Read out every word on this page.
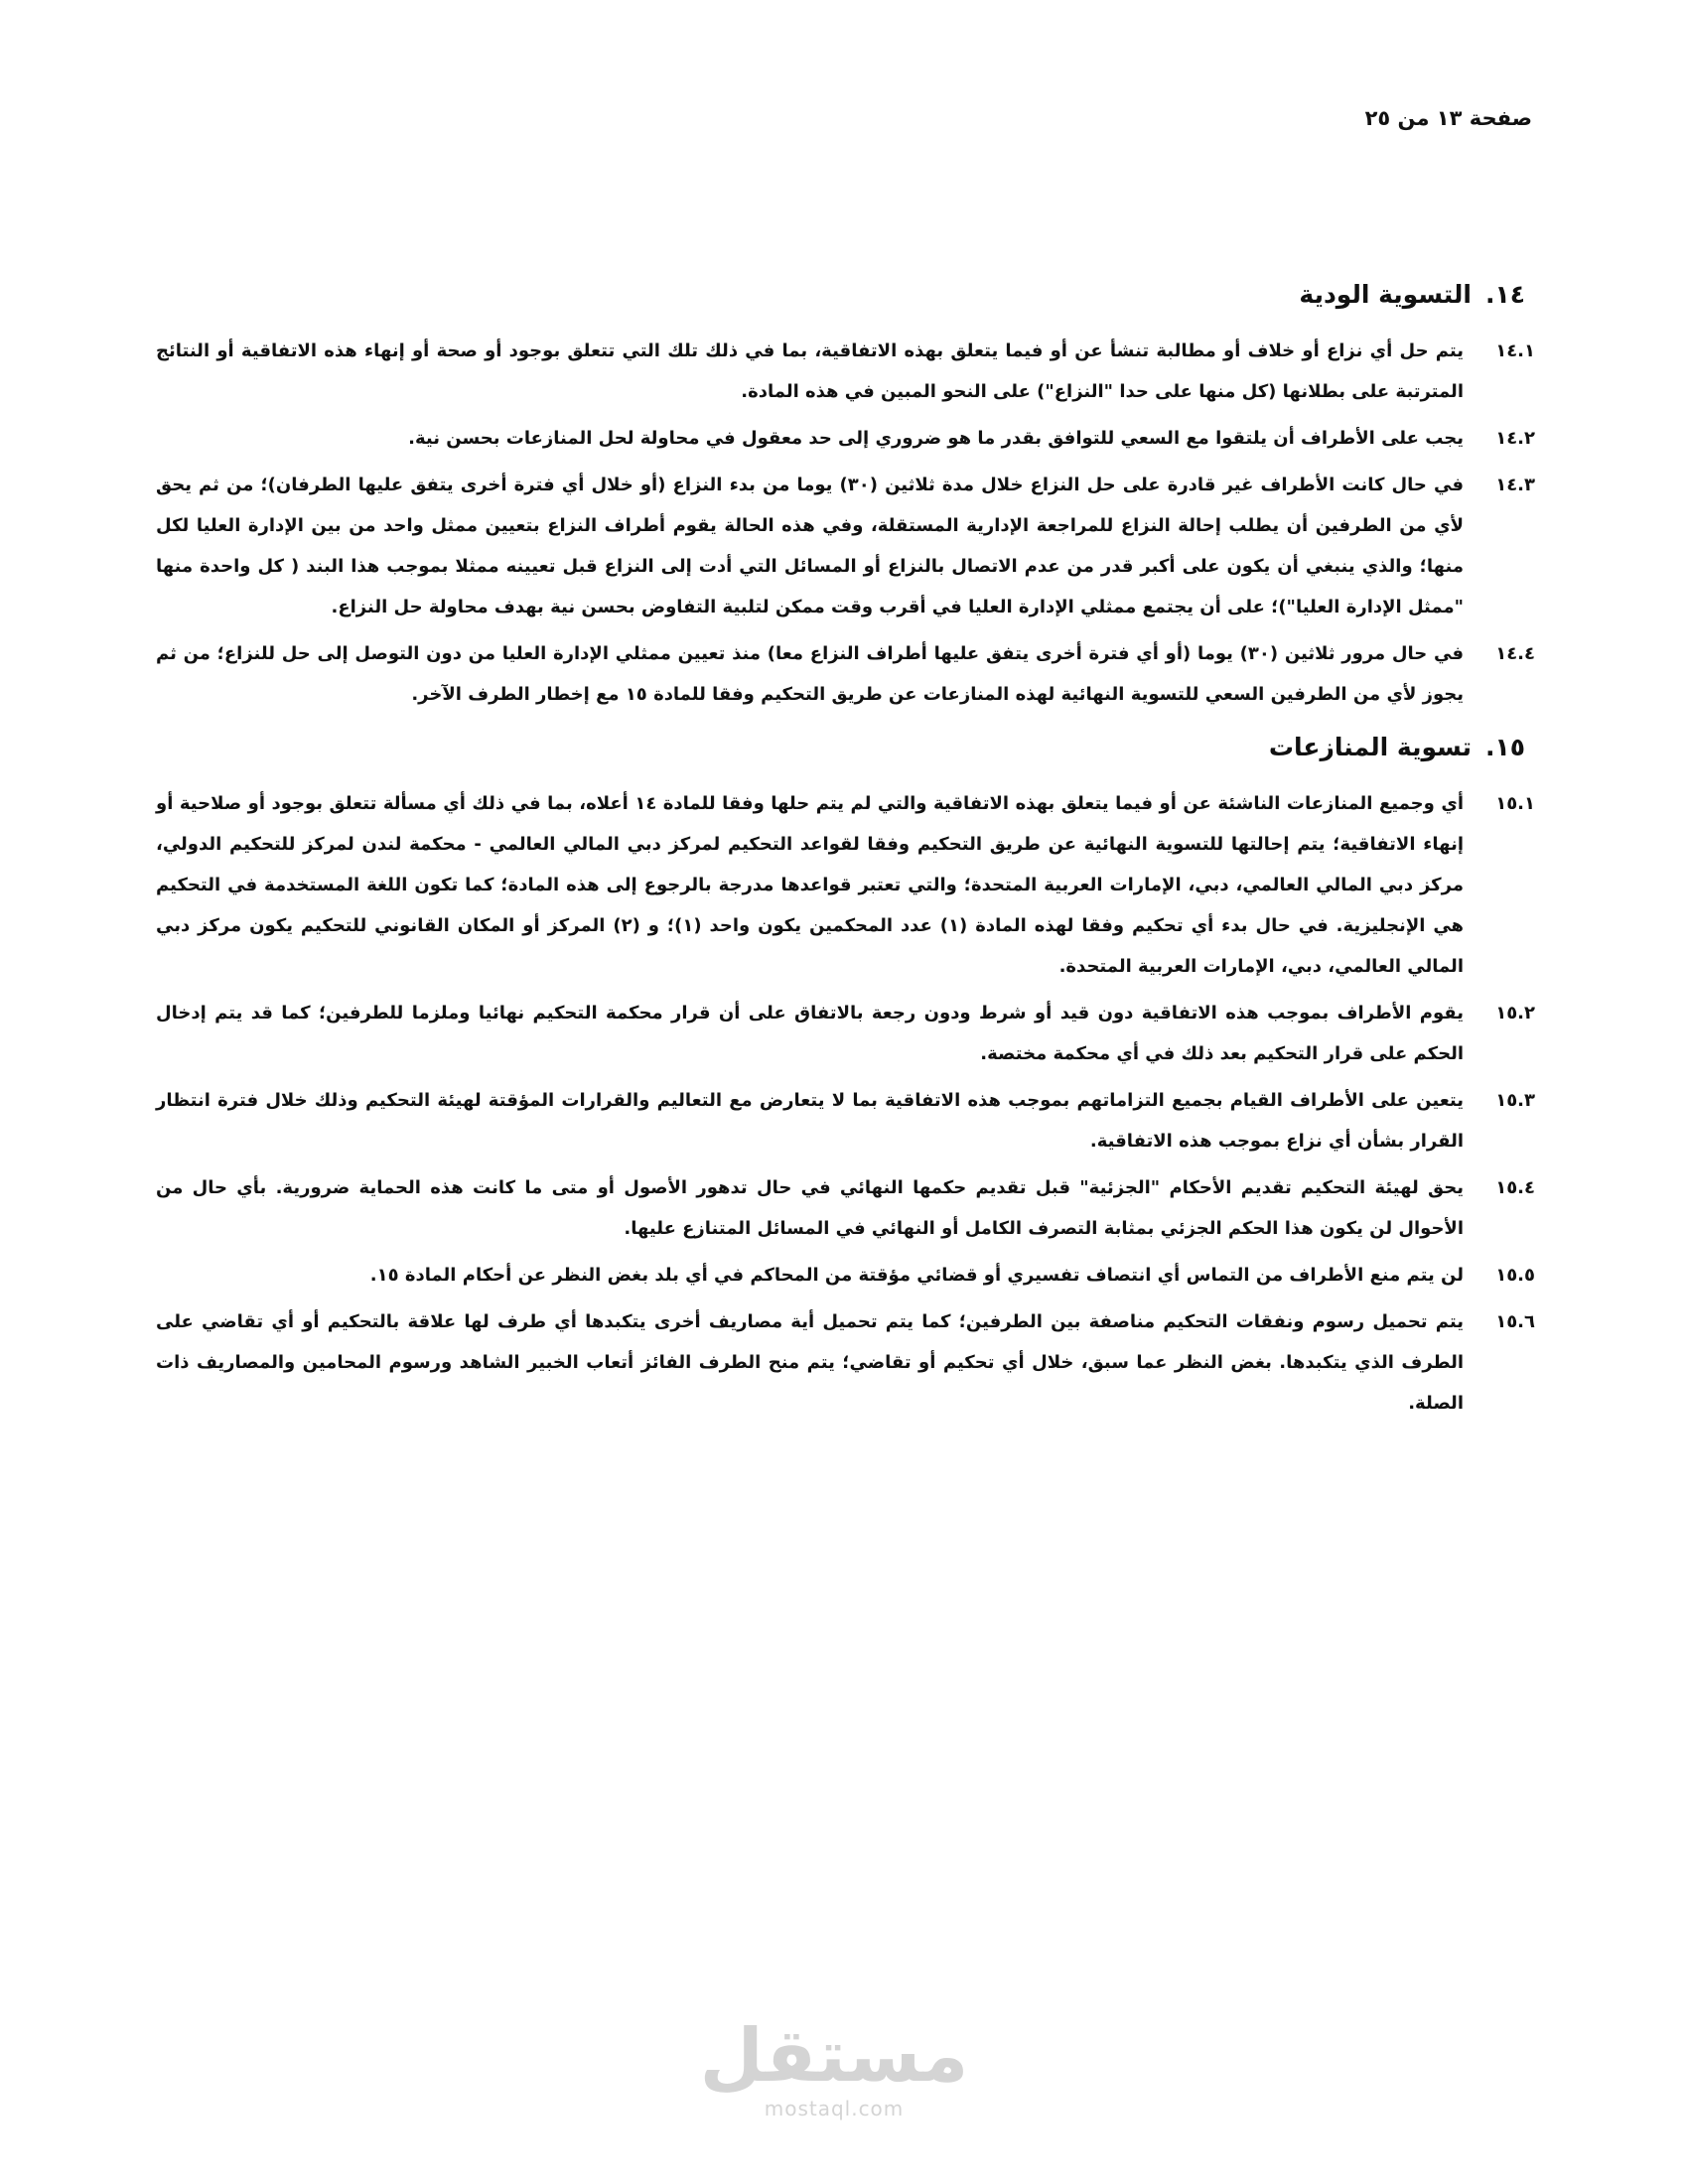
صفحة ١٣ من ٢٥
١٤.
التسوية الودية
١٤.١
يتم حل أي نزاع أو خلاف أو مطالبة تنشأ عن أو فيما يتعلق بهذه الاتفاقية، بما في ذلك تلك التي تتعلق بوجود أو صحة أو إنهاء هذه الاتفاقية أو النتائج المترتبة على بطلانها (كل منها على حدا "النزاع") على النحو المبين في هذه المادة.
١٤.٢
يجب على الأطراف أن يلتقوا مع السعي للتوافق بقدر ما هو ضروري إلى حد معقول في محاولة لحل المنازعات بحسن نية.
١٤.٣
في حال كانت الأطراف غير قادرة على حل النزاع خلال مدة ثلاثين (٣٠) يوما من بدء النزاع (أو خلال أي فترة أخرى يتفق عليها الطرفان)؛ من ثم يحق لأي من الطرفين أن يطلب إحالة النزاع للمراجعة الإدارية المستقلة، وفي هذه الحالة يقوم أطراف النزاع بتعيين ممثل واحد من بين الإدارة العليا لكل منها؛ والذي ينبغي أن يكون على أكبر قدر من عدم الاتصال بالنزاع أو المسائل التي أدت إلى النزاع قبل تعيينه ممثلا بموجب هذا البند ( كل واحدة منها "ممثل الإدارة العليا")؛ على أن يجتمع ممثلي الإدارة العليا في أقرب وقت ممكن لتلبية التفاوض بحسن نية بهدف محاولة حل النزاع.
١٤.٤
في حال مرور ثلاثين (٣٠) يوما (أو أي فترة أخرى يتفق عليها أطراف النزاع معا) منذ تعيين ممثلي الإدارة العليا من دون التوصل إلى حل للنزاع؛ من ثم يجوز لأي من الطرفين السعي للتسوية النهائية لهذه المنازعات عن طريق التحكيم وفقا للمادة ١٥ مع إخطار الطرف الآخر.
١٥.
تسوية المنازعات
١٥.١
أي وجميع المنازعات الناشئة عن أو فيما يتعلق بهذه الاتفاقية والتي لم يتم حلها وفقا للمادة ١٤ أعلاه، بما في ذلك أي مسألة تتعلق بوجود أو صلاحية أو إنهاء الاتفاقية؛ يتم إحالتها للتسوية النهائية عن طريق التحكيم وفقا لقواعد التحكيم لمركز دبي المالي العالمي - محكمة لندن لمركز للتحكيم الدولي، مركز دبي المالي العالمي، دبي، الإمارات العربية المتحدة؛ والتي تعتبر قواعدها مدرجة بالرجوع إلى هذه المادة؛ كما تكون اللغة المستخدمة في التحكيم هي الإنجليزية. في حال بدء أي تحكيم وفقا لهذه المادة (١) عدد المحكمين يكون واحد (١)؛ و (٢) المركز أو المكان القانوني للتحكيم يكون مركز دبي المالي العالمي، دبي، الإمارات العربية المتحدة.
١٥.٢
يقوم الأطراف بموجب هذه الاتفاقية دون قيد أو شرط ودون رجعة بالاتفاق على أن قرار محكمة التحكيم نهائيا وملزما للطرفين؛ كما قد يتم إدخال الحكم على قرار التحكيم بعد ذلك في أي محكمة مختصة.
١٥.٣
يتعين على الأطراف القيام بجميع التزاماتهم بموجب هذه الاتفاقية بما لا يتعارض مع التعاليم والقرارات المؤقتة لهيئة التحكيم وذلك خلال فترة انتظار القرار بشأن أي نزاع بموجب هذه الاتفاقية.
١٥.٤
يحق لهيئة التحكيم تقديم الأحكام "الجزئية" قبل تقديم حكمها النهائي في حال تدهور الأصول أو متى ما كانت هذه الحماية ضرورية. بأي حال من الأحوال لن يكون هذا الحكم الجزئي بمثابة التصرف الكامل أو النهائي في المسائل المتنازع عليها.
١٥.٥
لن يتم منع الأطراف من التماس أي انتصاف تفسيري أو قضائي مؤقتة من المحاكم في أي بلد بغض النظر عن أحكام المادة ١٥.
١٥.٦
يتم تحميل رسوم ونفقات التحكيم مناصفة بين الطرفين؛ كما يتم تحميل أية مصاريف أخرى يتكبدها أي طرف لها علاقة بالتحكيم أو أي تقاضي على الطرف الذي يتكبدها. بغض النظر عما سبق، خلال أي تحكيم أو تقاضي؛ يتم منح الطرف الفائز أتعاب الخبير الشاهد ورسوم المحامين والمصاريف ذات الصلة.
مستقل
mostaql.com
